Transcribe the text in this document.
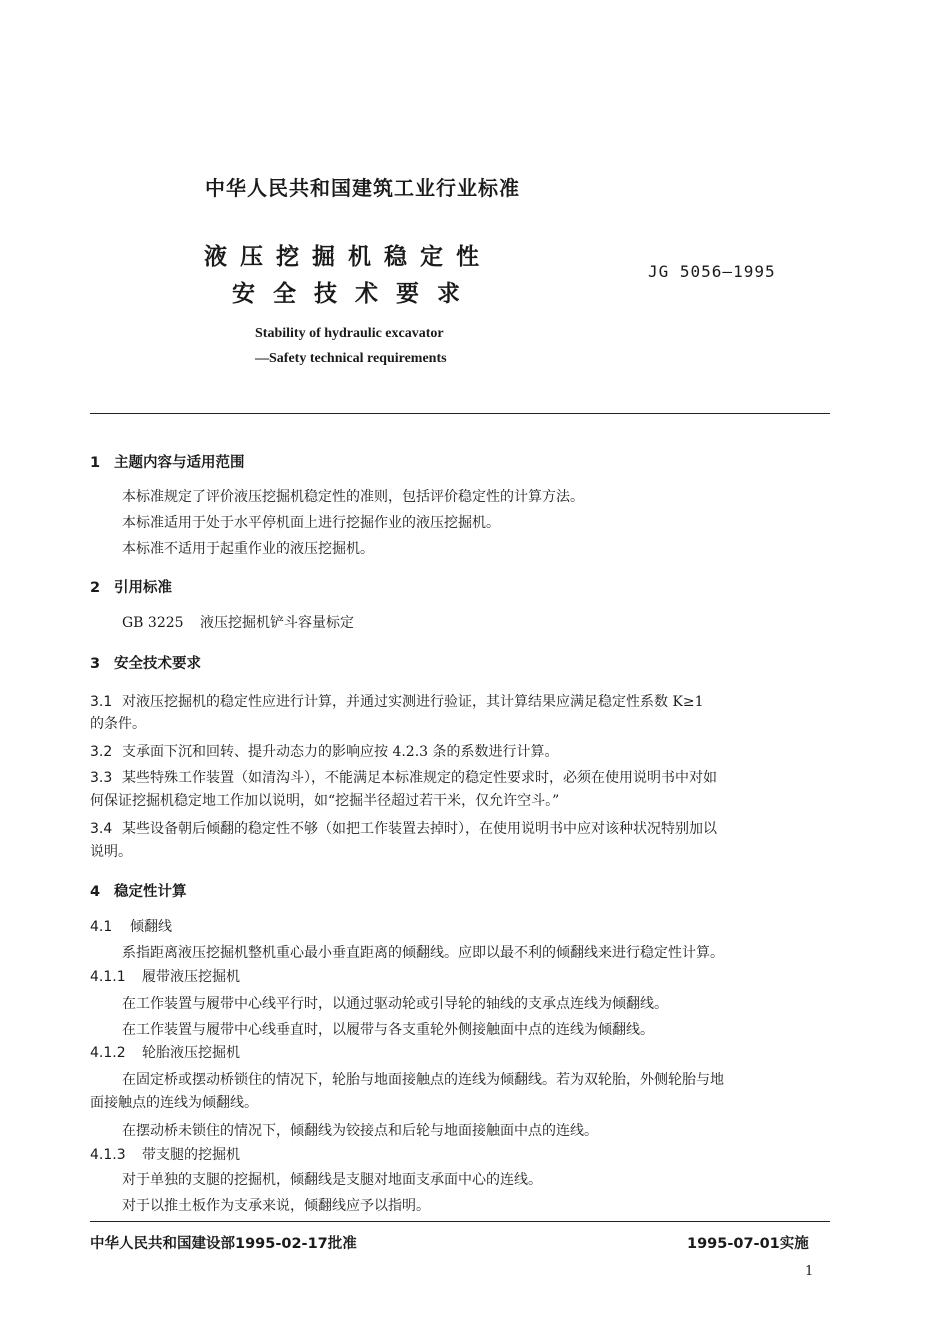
中华人民共和国建筑工业行业标准
液压挖掘机稳定性
安全技术要求
JG 5056—1995
Stability of hydraulic excavator
—Safety technical requirements
1 主题内容与适用范围
本标准规定了评价液压挖掘机稳定性的准则，包括评价稳定性的计算方法。
本标准适用于处于水平停机面上进行挖掘作业的液压挖掘机。
本标准不适用于起重作业的液压挖掘机。
2 引用标准
GB 3225 液压挖掘机铲斗容量标定
3 安全技术要求
3.1 对液压挖掘机的稳定性应进行计算，并通过实测进行验证，其计算结果应满足稳定性系数 K≥1
的条件。
3.2 支承面下沉和回转、提升动态力的影响应按 4.2.3 条的系数进行计算。
3.3 某些特殊工作装置（如清沟斗），不能满足本标准规定的稳定性要求时，必须在使用说明书中对如
何保证挖掘机稳定地工作加以说明，如“挖掘半径超过若干米，仅允许空斗。”
3.4 某些设备朝后倾翻的稳定性不够（如把工作装置去掉时），在使用说明书中应对该种状况特别加以
说明。
4 稳定性计算
4.1 倾翻线
系指距离液压挖掘机整机重心最小垂直距离的倾翻线。应即以最不利的倾翻线来进行稳定性计算。
4.1.1 履带液压挖掘机
在工作装置与履带中心线平行时，以通过驱动轮或引导轮的轴线的支承点连线为倾翻线。
在工作装置与履带中心线垂直时，以履带与各支重轮外侧接触面中点的连线为倾翻线。
4.1.2 轮胎液压挖掘机
在固定桥或摆动桥锁住的情况下，轮胎与地面接触点的连线为倾翻线。若为双轮胎，外侧轮胎与地
面接触点的连线为倾翻线。
在摆动桥未锁住的情况下，倾翻线为铰接点和后轮与地面接触面中点的连线。
4.1.3 带支腿的挖掘机
对于单独的支腿的挖掘机，倾翻线是支腿对地面支承面中心的连线。
对于以推土板作为支承来说，倾翻线应予以指明。
中华人民共和国建设部1995-02-17批准	1995-07-01实施
1
